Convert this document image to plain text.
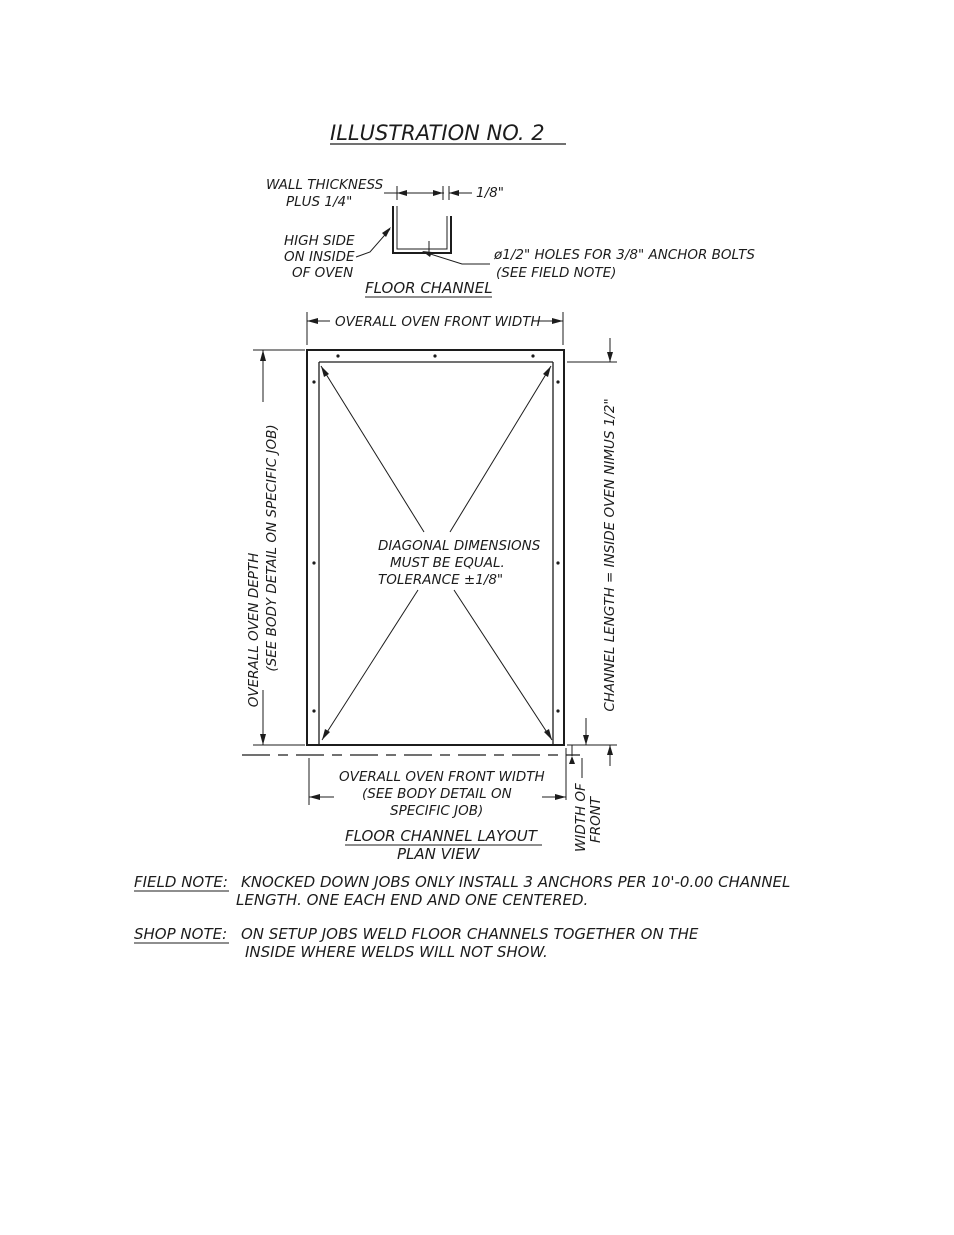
ILLUSTRATION NO. 2
WALL THICKNESS
PLUS 1/4"
1/8"
HIGH SIDE
ON INSIDE
OF OVEN
ø1/2" HOLES FOR 3/8" ANCHOR BOLTS
(SEE FIELD NOTE)
FLOOR CHANNEL
OVERALL OVEN FRONT WIDTH
DIAGONAL DIMENSIONS
MUST BE EQUAL.
TOLERANCE ±1/8"
OVERALL OVEN DEPTH (SEE BODY DETAIL ON SPECIFIC JOB)	CHANNEL LENGTH = INSIDE OVEN NIMUS 1/2"
WIDTH OF FRONT
OVERALL OVEN FRONT WIDTH
(SEE BODY DETAIL ON
SPECIFIC JOB)
FLOOR CHANNEL LAYOUT
PLAN VIEW
FIELD NOTE: KNOCKED DOWN JOBS ONLY INSTALL 3 ANCHORS PER 10'-0.00 CHANNEL
LENGTH. ONE EACH END AND ONE CENTERED.
SHOP NOTE: ON SETUP JOBS WELD FLOOR CHANNELS TOGETHER ON THE
INSIDE WHERE WELDS WILL NOT SHOW.
